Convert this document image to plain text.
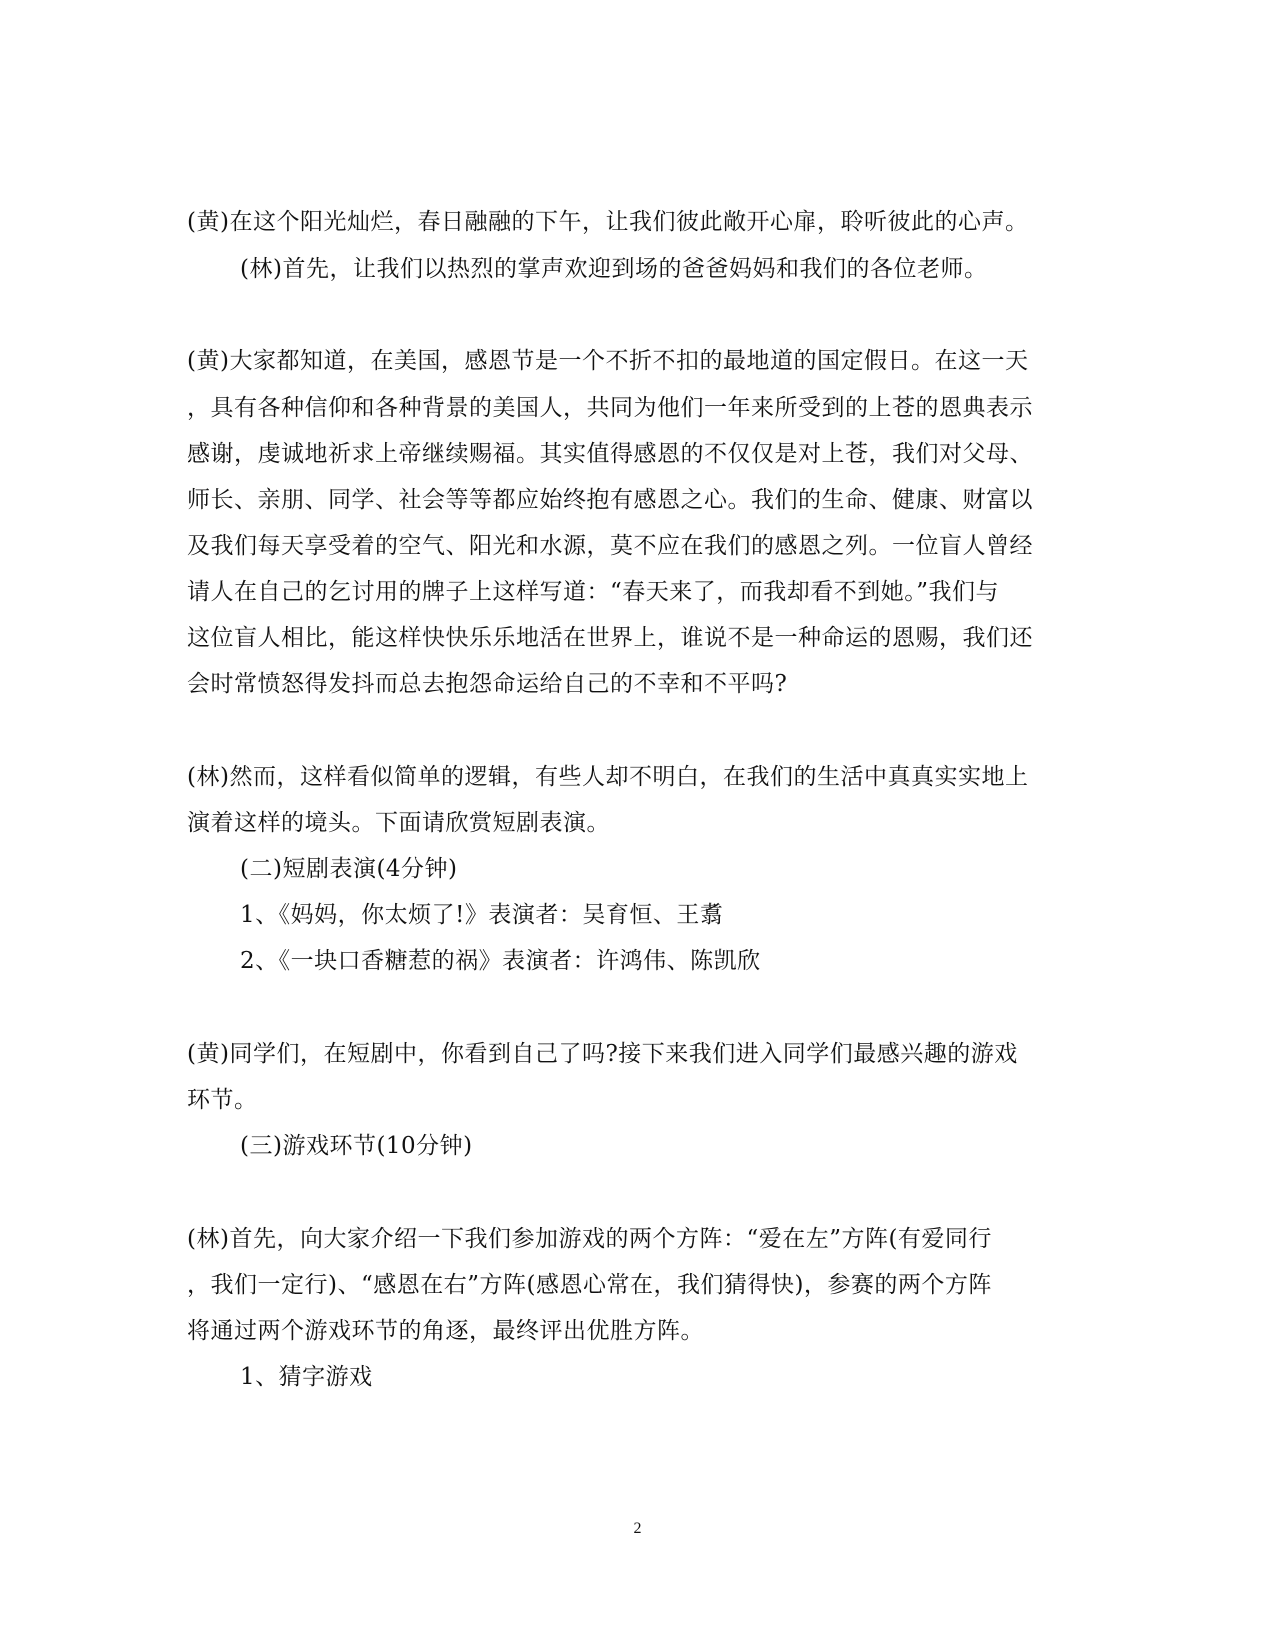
(黄)在这个阳光灿烂，春日融融的下午，让我们彼此敞开心扉，聆听彼此的心声。
(林)首先，让我们以热烈的掌声欢迎到场的爸爸妈妈和我们的各位老师。
(黄)大家都知道，在美国，感恩节是一个不折不扣的最地道的国定假日。在这一天
，具有各种信仰和各种背景的美国人，共同为他们一年来所受到的上苍的恩典表示
感谢，虔诚地祈求上帝继续赐福。其实值得感恩的不仅仅是对上苍，我们对父母、
师长、亲朋、同学、社会等等都应始终抱有感恩之心。我们的生命、健康、财富以
及我们每天享受着的空气、阳光和水源，莫不应在我们的感恩之列。一位盲人曾经
请人在自己的乞讨用的牌子上这样写道：“春天来了，而我却看不到她。”我们与
这位盲人相比，能这样快快乐乐地活在世界上，谁说不是一种命运的恩赐，我们还
会时常愤怒得发抖而总去抱怨命运给自己的不幸和不平吗?
(林)然而，这样看似简单的逻辑，有些人却不明白，在我们的生活中真真实实地上
演着这样的境头。下面请欣赏短剧表演。
(二)短剧表演(4分钟)
1、《妈妈，你太烦了!》表演者：吴育恒、王翥
2、《一块口香糖惹的祸》表演者：许鸿伟、陈凯欣
(黄)同学们，在短剧中，你看到自己了吗?接下来我们进入同学们最感兴趣的游戏
环节。
(三)游戏环节(10分钟)
(林)首先，向大家介绍一下我们参加游戏的两个方阵：“爱在左”方阵(有爱同行
，我们一定行)、“感恩在右”方阵(感恩心常在，我们猜得快)，参赛的两个方阵
将通过两个游戏环节的角逐，最终评出优胜方阵。
1、猜字游戏
2
